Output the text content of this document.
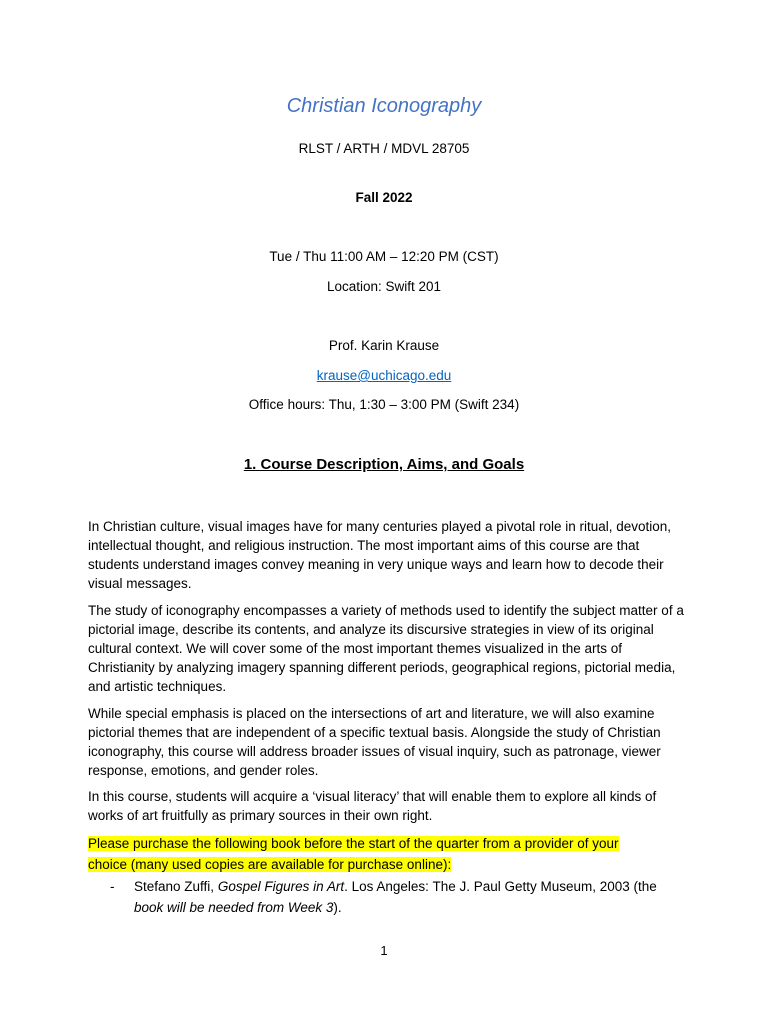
Christian Iconography
RLST / ARTH / MDVL 28705
Fall 2022
Tue / Thu 11:00 AM – 12:20 PM (CST)
Location: Swift 201
Prof. Karin Krause
krause@uchicago.edu
Office hours: Thu, 1:30 – 3:00 PM (Swift 234)
1. Course Description, Aims, and Goals

In Christian culture, visual images have for many centuries played a pivotal role in ritual, devotion, intellectual thought, and religious instruction. The most important aims of this course are that students understand images convey meaning in very unique ways and learn how to decode their visual messages.

The study of iconography encompasses a variety of methods used to identify the subject matter of a pictorial image, describe its contents, and analyze its discursive strategies in view of its original cultural context. We will cover some of the most important themes visualized in the arts of Christianity by analyzing imagery spanning different periods, geographical regions, pictorial media, and artistic techniques.

While special emphasis is placed on the intersections of art and literature, we will also examine pictorial themes that are independent of a specific textual basis. Alongside the study of Christian iconography, this course will address broader issues of visual inquiry, such as patronage, viewer response, emotions, and gender roles.

In this course, students will acquire a ‘visual literacy’ that will enable them to explore all kinds of works of art fruitfully as primary sources in their own right.

Please purchase the following book before the start of the quarter from a provider of your
choice (many used copies are available for purchase online):
-	Stefano Zuffi, Gospel Figures in Art. Los Angeles: The J. Paul Getty Museum, 2003 (the book will be needed from Week 3).
1
